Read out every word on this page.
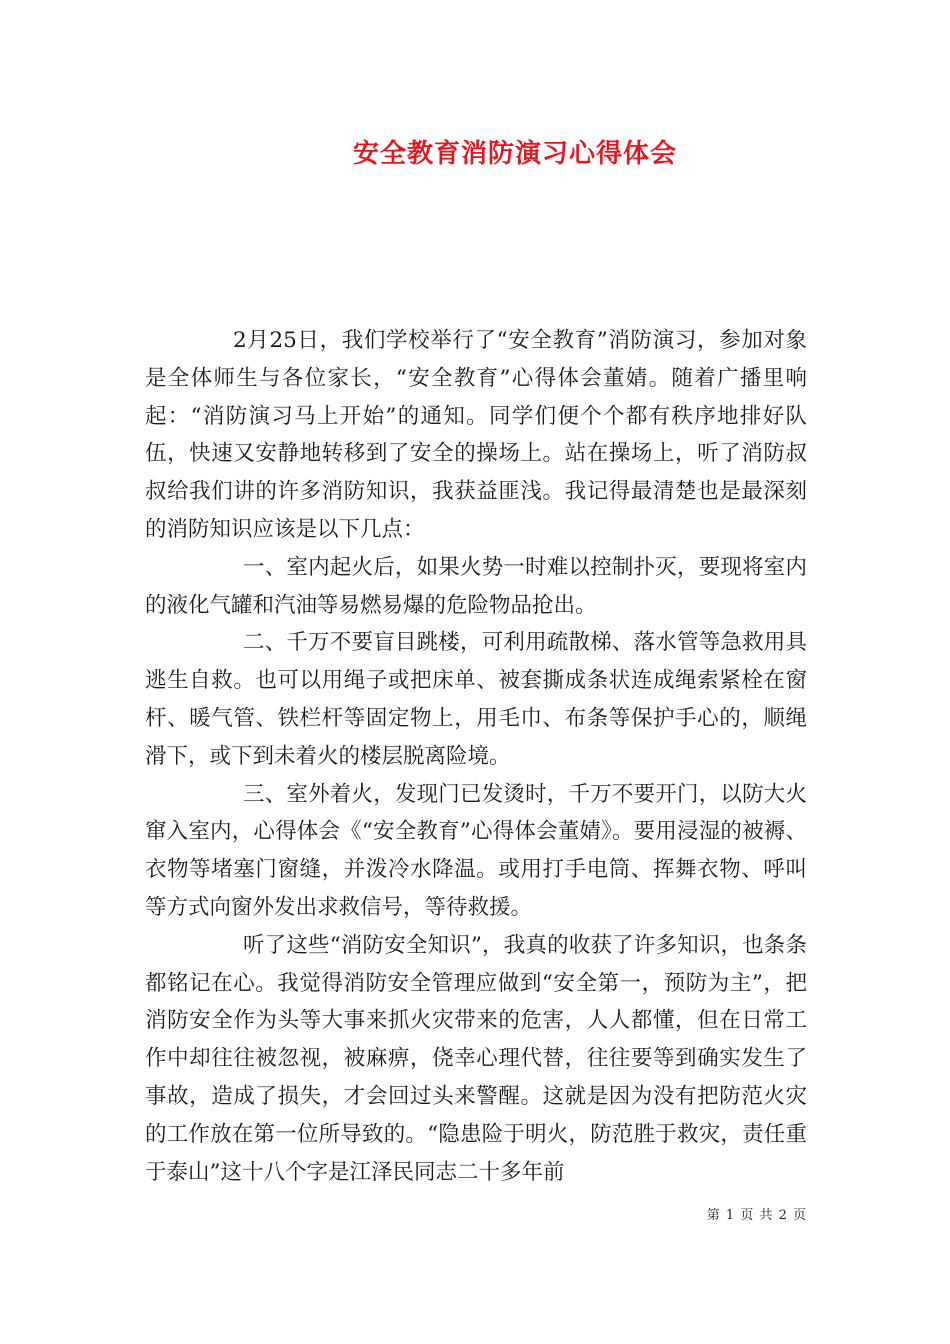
安全教育消防演习心得体会

2月25日，我们学校举行了“安全教育”消防演习，参加对象是全体师生与各位家长，“安全教育”心得体会董婧。随着广播里响起：“消防演习马上开始”的通知。同学们便个个都有秩序地排好队伍，快速又安静地转移到了安全的操场上。站在操场上，听了消防叔叔给我们讲的许多消防知识，我获益匪浅。我记得最清楚也是最深刻的消防知识应该是以下几点：

一、室内起火后，如果火势一时难以控制扑灭，要现将室内的液化气罐和汽油等易燃易爆的危险物品抢出。

二、千万不要盲目跳楼，可利用疏散梯、落水管等急救用具逃生自救。也可以用绳子或把床单、被套撕成条状连成绳索紧栓在窗杆、暖气管、铁栏杆等固定物上，用毛巾、布条等保护手心的，顺绳滑下，或下到未着火的楼层脱离险境。

三、室外着火，发现门已发烫时，千万不要开门，以防大火窜入室内，心得体会《“安全教育”心得体会董婧》。要用浸湿的被褥、衣物等堵塞门窗缝，并泼冷水降温。或用打手电筒、挥舞衣物、呼叫等方式向窗外发出求救信号，等待救援。

听了这些“消防安全知识”，我真的收获了许多知识，也条条都铭记在心。我觉得消防安全管理应做到“安全第一，预防为主”，把消防安全作为头等大事来抓火灾带来的危害，人人都懂，但在日常工作中却往往被忽视，被麻痹，侥幸心理代替，往往要等到确实发生了事故，造成了损失，才会回过头来警醒。这就是因为没有把防范火灾的工作放在第一位所导致的。“隐患险于明火，防范胜于救灾，责任重于泰山”这十八个字是江泽民同志二十多年前

第 1 页 共 2 页
